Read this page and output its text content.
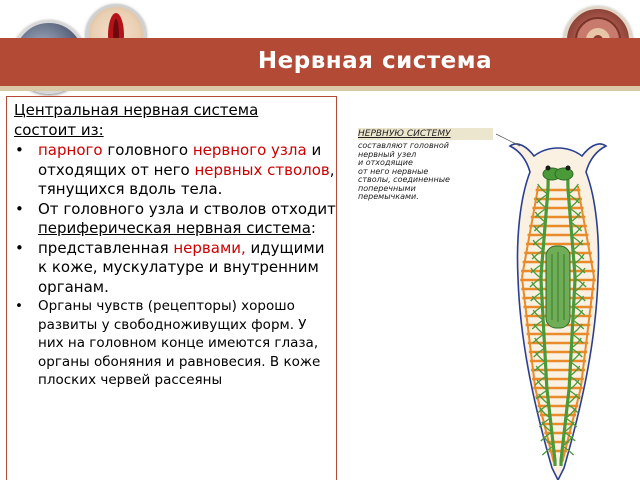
Нервная система
Центральная нервная система
состоит из:
• парного головного нервного узла и
отходящих от него нервных стволов, тянущихся вдоль тела.
• От головного узла и стволов отходит периферическая нервная система:
• представленная нервами, идущими к коже, мускулатуре и внутренним органам.
• Органы чувств (рецепторы) хорошо развиты у свободноживущих форм. У них на головном конце имеются глаза, органы обоняния и равновесия. В коже плоских червей рассеяны
НЕРВНУЮ СИСТЕМУ
составляют головной
нервный узел
и отходящие
от него нервные
стволы, соединенные
поперечными
перемычками.
